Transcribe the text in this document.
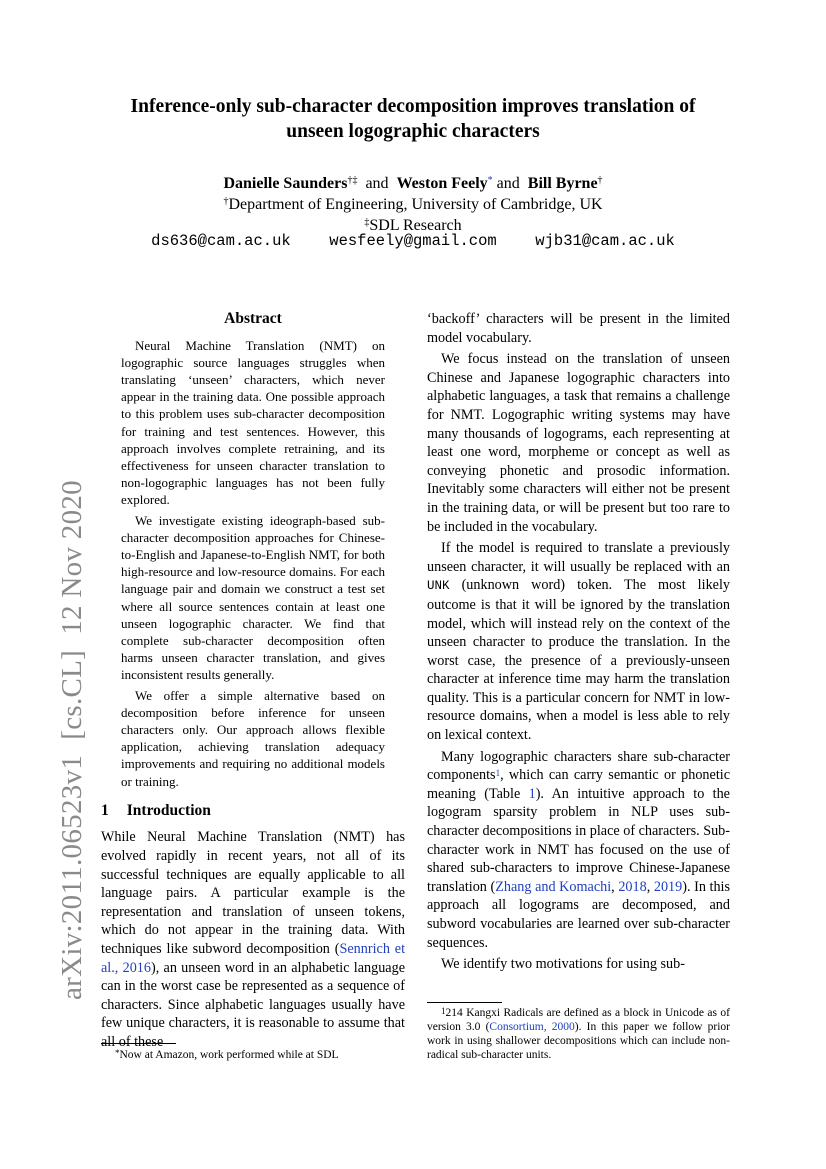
Inference-only sub-character decomposition improves translation of unseen logographic characters
Danielle Saunders†‡ and Weston Feely* and Bill Byrne†
†Department of Engineering, University of Cambridge, UK
‡SDL Research
ds636@cam.ac.uk  wesfeely@gmail.com  wjb31@cam.ac.uk
arXiv:2011.06523v1  [cs.CL]  12 Nov 2020
Abstract

Neural Machine Translation (NMT) on logographic source languages struggles when translating ‘unseen’ characters, which never appear in the training data. One possible approach to this problem uses sub-character decomposition for training and test sentences. However, this approach involves complete retraining, and its effectiveness for unseen character translation to non-logographic languages has not been fully explored.

We investigate existing ideograph-based sub-character decomposition approaches for Chinese-to-English and Japanese-to-English NMT, for both high-resource and low-resource domains. For each language pair and domain we construct a test set where all source sentences contain at least one unseen logographic character. We find that complete sub-character decomposition often harms unseen character translation, and gives inconsistent results generally.

We offer a simple alternative based on decomposition before inference for unseen characters only. Our approach allows flexible application, achieving translation adequacy improvements and requiring no additional models or training.

1 Introduction

While Neural Machine Translation (NMT) has evolved rapidly in recent years, not all of its successful techniques are equally applicable to all language pairs. A particular example is the representation and translation of unseen tokens, which do not appear in the training data. With techniques like subword decomposition (Sennrich et al., 2016), an unseen word in an alphabetic language can in the worst case be represented as a sequence of characters. Since alphabetic languages usually have few unique characters, it is reasonable to assume that all of these

‘backoff’ characters will be present in the limited model vocabulary.

We focus instead on the translation of unseen Chinese and Japanese logographic characters into alphabetic languages, a task that remains a challenge for NMT. Logographic writing systems may have many thousands of logograms, each representing at least one word, morpheme or concept as well as conveying phonetic and prosodic information. Inevitably some characters will either not be present in the training data, or will be present but too rare to be included in the vocabulary.

If the model is required to translate a previously unseen character, it will usually be replaced with an UNK (unknown word) token. The most likely outcome is that it will be ignored by the translation model, which will instead rely on the context of the unseen character to produce the translation. In the worst case, the presence of a previously-unseen character at inference time may harm the translation quality. This is a particular concern for NMT in low-resource domains, when a model is less able to rely on lexical context.

Many logographic characters share sub-character components$^1$, which can carry semantic or phonetic meaning (Table 1). An intuitive approach to the logogram sparsity problem in NLP uses sub-character decompositions in place of characters. Sub-character work in NMT has focused on the use of shared sub-characters to improve Chinese-Japanese translation (Zhang and Komachi, 2018, 2019). In this approach all logograms are decomposed, and subword vocabularies are learned over sub-character sequences.

We identify two motivations for using sub-

*Now at Amazon, work performed while at SDL
$^1$214 Kangxi Radicals are defined as a block in Unicode as of version 3.0 (Consortium, 2000). In this paper we follow prior work in using shallower decompositions which can include non-radical sub-character units.
